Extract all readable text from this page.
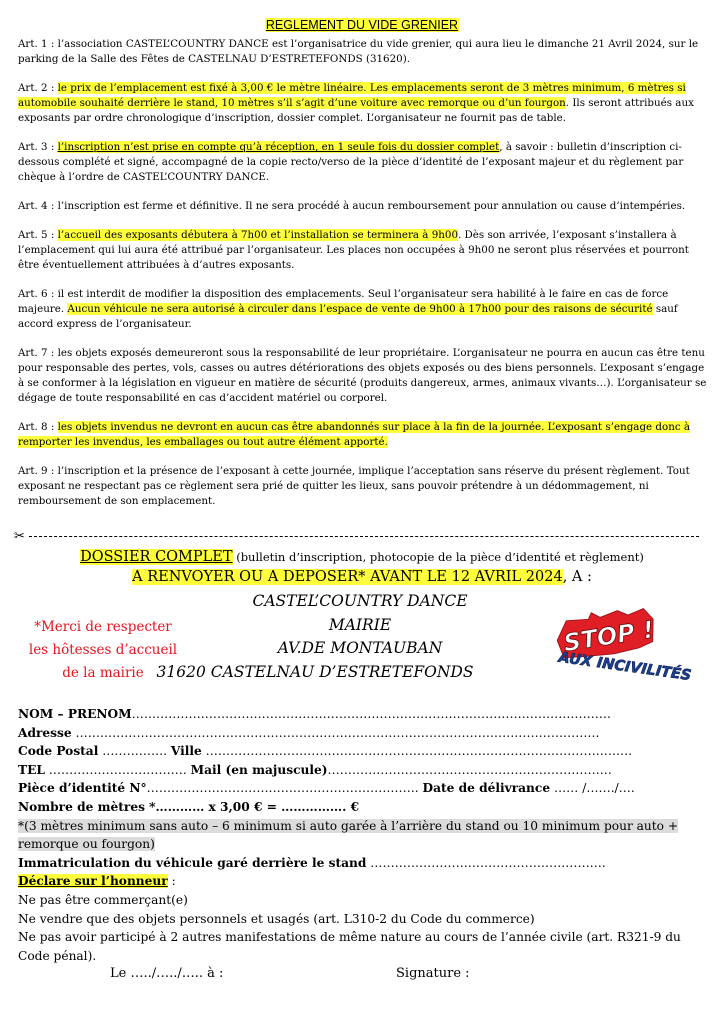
REGLEMENT DU VIDE GRENIER

Art. 1 : l’association CASTEL’COUNTRY DANCE est l’organisatrice du vide grenier, qui aura lieu le dimanche 21 Avril 2024, sur le parking de la Salle des Fêtes de CASTELNAU D’ESTRETEFONDS (31620).

Art. 2 : le prix de l’emplacement est fixé à 3,00 € le mètre linéaire. Les emplacements seront de 3 mètres minimum, 6 mètres si automobile souhaité derrière le stand, 10 mètres s’il s’agit d’une voiture avec remorque ou d’un fourgon. Ils seront attribués aux exposants par ordre chronologique d’inscription, dossier complet. L’organisateur ne fournit pas de table.

Art. 3 : l’inscription n’est prise en compte qu’à réception, en 1 seule fois du dossier complet, à savoir : bulletin d’inscription ci-dessous complété et signé, accompagné de la copie recto/verso de la pièce d’identité de l’exposant majeur et du règlement par chèque à l’ordre de CASTEL’COUNTRY DANCE.

Art. 4 : l’inscription est ferme et définitive. Il ne sera procédé à aucun remboursement pour annulation ou cause d’intempéries.

Art. 5 : l’accueil des exposants débutera à 7h00 et l’installation se terminera à 9h00. Dès son arrivée, l’exposant s’installera à l’emplacement qui lui aura été attribué par l’organisateur. Les places non occupées à 9h00 ne seront plus réservées et pourront être éventuellement attribuées à d’autres exposants.

Art. 6 : il est interdit de modifier la disposition des emplacements. Seul l’organisateur sera habilité à le faire en cas de force majeure. Aucun véhicule ne sera autorisé à circuler dans l’espace de vente de 9h00 à 17h00 pour des raisons de sécurité sauf accord express de l’organisateur.

Art. 7 : les objets exposés demeureront sous la responsabilité de leur propriétaire. L’organisateur ne pourra en aucun cas être tenu pour responsable des pertes, vols, casses ou autres détériorations des objets exposés ou des biens personnels. L’exposant s’engage à se conformer à la législation en vigueur en matière de sécurité (produits dangereux, armes, animaux vivants…). L’organisateur se dégage de toute responsabilité en cas d’accident matériel ou corporel.

Art. 8 : les objets invendus ne devront en aucun cas être abandonnés sur place à la fin de la journée. L’exposant s’engage donc à remporter les invendus, les emballages ou tout autre élément apporté.

Art. 9 : l’inscription et la présence de l’exposant à cette journée, implique l’acceptation sans réserve du présent règlement. Tout exposant ne respectant pas ce règlement sera prié de quitter les lieux, sans pouvoir prétendre à un dédommagement, ni remboursement de son emplacement.

✂
DOSSIER COMPLET (bulletin d’inscription, photocopie de la pièce d’identité et règlement)
A RENVOYER OU A DEPOSER* AVANT LE 12 AVRIL 2024, A :
CASTEL’COUNTRY DANCE
MAIRIE
AV.DE MONTAUBAN
31620 CASTELNAU D’ESTRETEFONDS
*Merci de respecter
les hôtesses d’accueil
de la mairie
STOP !
AUX INCIVILITÉS

NOM – PRENOM……………………………………………………………………………………………………….

Adresse …………………………………………………………………………………………………………………

Code Postal ……………. Ville ……………………………………………………………………………………………

TEL ……………………………. Mail (en majuscule)…………………………………………………………….

Pièce d’identité N°…………………………………………………………. Date de délivrance …… /……./….

Nombre de mètres *………… x 3,00 € = ……………. €

*(3 mètres minimum sans auto – 6 minimum si auto garée à l’arrière du stand ou 10 minimum pour auto + remorque ou fourgon)

Immatriculation du véhicule garé derrière le stand ………………………………………………….

Déclare sur l’honneur :

Ne pas être commerçant(e)

Ne vendre que des objets personnels et usagés (art. L310-2 du Code du commerce)

Ne pas avoir participé à 2 autres manifestations de même nature au cours de l’année civile (art. R321-9 du Code pénal).

Le …../…../….. à :	Signature :
